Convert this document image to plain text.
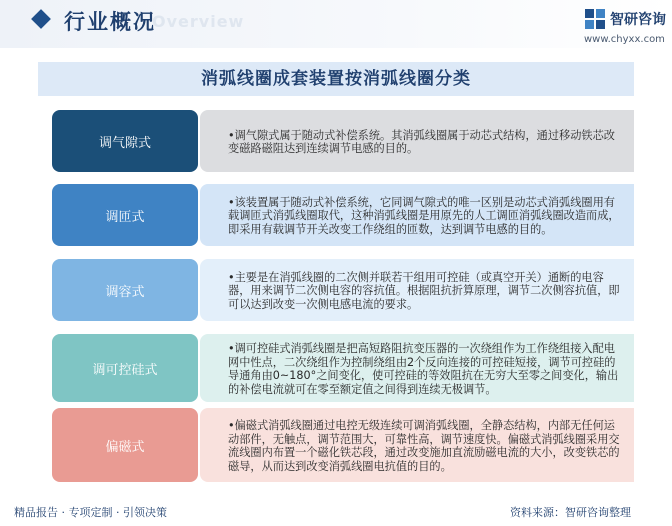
Overview
行业概况	智研咨询
www.chyxx.com
消弧线圈成套装置按消弧线圈分类
调气隙式
•调气隙式属于随动式补偿系统。其消弧线圈属于动芯式结构，通过移动铁芯改变磁路磁阻达到连续调节电感的目的。
调匝式
•该装置属于随动式补偿系统，它同调气隙式的唯一区别是动芯式消弧线圈用有载调匝式消弧线圈取代，这种消弧线圈是用原先的人工调匝消弧线圈改造而成，即采用有载调节开关改变工作绕组的匝数，达到调节电感的目的。
调容式
•主要是在消弧线圈的二次侧并联若干组用可控硅（或真空开关）通断的电容器，用来调节二次侧电容的容抗值。根据阻抗折算原理，调节二次侧容抗值，即可以达到改变一次侧电感电流的要求。
调可控硅式
•调可控硅式消弧线圈是把高短路阻抗变压器的一次绕组作为工作绕组接入配电网中性点，二次绕组作为控制绕组由2个反向连接的可控硅短接，调节可控硅的导通角由0~180°之间变化，使可控硅的等效阻抗在无穷大至零之间变化，输出的补偿电流就可在零至额定值之间得到连续无极调节。
偏磁式
•偏磁式消弧线圈通过电控无级连续可调消弧线圈，全静态结构，内部无任何运动部件，无触点，调节范围大，可靠性高，调节速度快。偏磁式消弧线圈采用交流线圈内布置一个磁化铁芯段，通过改变施加直流励磁电流的大小，改变铁芯的磁导，从而达到改变消弧线圈电抗值的目的。
精品报告 · 专项定制 · 引领决策	资料来源：智研咨询整理
